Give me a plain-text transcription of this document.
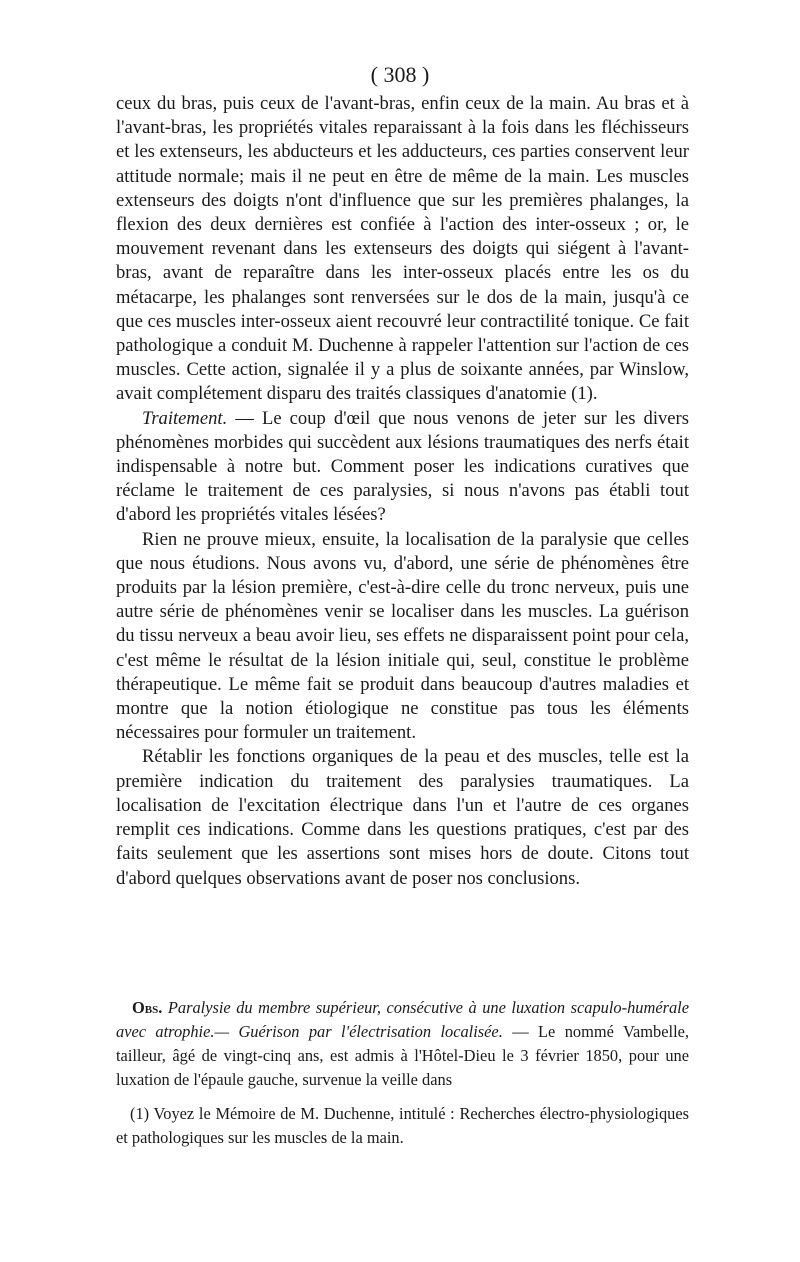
( 308 )

ceux du bras, puis ceux de l'avant-bras, enfin ceux de la main. Au bras et à l'avant-bras, les propriétés vitales reparaissant à la fois dans les fléchisseurs et les extenseurs, les abducteurs et les adducteurs, ces parties conservent leur attitude normale; mais il ne peut en être de même de la main. Les muscles extenseurs des doigts n'ont d'influence que sur les premières phalanges, la flexion des deux dernières est confiée à l'action des inter-osseux ; or, le mouvement revenant dans les extenseurs des doigts qui siégent à l'avant-bras, avant de reparaître dans les inter-osseux placés entre les os du métacarpe, les phalanges sont renversées sur le dos de la main, jusqu'à ce que ces muscles inter-osseux aient recouvré leur contractilité tonique. Ce fait pathologique a conduit M. Duchenne à rappeler l'attention sur l'action de ces muscles. Cette action, signalée il y a plus de soixante années, par Winslow, avait complétement disparu des traités classiques d'anatomie (1).

Traitement. — Le coup d'œil que nous venons de jeter sur les divers phénomènes morbides qui succèdent aux lésions traumatiques des nerfs était indispensable à notre but. Comment poser les indications curatives que réclame le traitement de ces paralysies, si nous n'avons pas établi tout d'abord les propriétés vitales lésées?

Rien ne prouve mieux, ensuite, la localisation de la paralysie que celles que nous étudions. Nous avons vu, d'abord, une série de phénomènes être produits par la lésion première, c'est-à-dire celle du tronc nerveux, puis une autre série de phénomènes venir se localiser dans les muscles. La guérison du tissu nerveux a beau avoir lieu, ses effets ne disparaissent point pour cela, c'est même le résultat de la lésion initiale qui, seul, constitue le problème thérapeutique. Le même fait se produit dans beaucoup d'autres maladies et montre que la notion étiologique ne constitue pas tous les éléments nécessaires pour formuler un traitement.

Rétablir les fonctions organiques de la peau et des muscles, telle est la première indication du traitement des paralysies traumatiques. La localisation de l'excitation électrique dans l'un et l'autre de ces organes remplit ces indications. Comme dans les questions pratiques, c'est par des faits seulement que les assertions sont mises hors de doute. Citons tout d'abord quelques observations avant de poser nos conclusions.

Obs. Paralysie du membre supérieur, consécutive à une luxation scapulo-humérale avec atrophie.— Guérison par l'électrisation localisée. — Le nommé Vambelle, tailleur, âgé de vingt-cinq ans, est admis à l'Hôtel-Dieu le 3 février 1850, pour une luxation de l'épaule gauche, survenue la veille dans
(1) Voyez le Mémoire de M. Duchenne, intitulé : Recherches électro-physiologiques et pathologiques sur les muscles de la main.
